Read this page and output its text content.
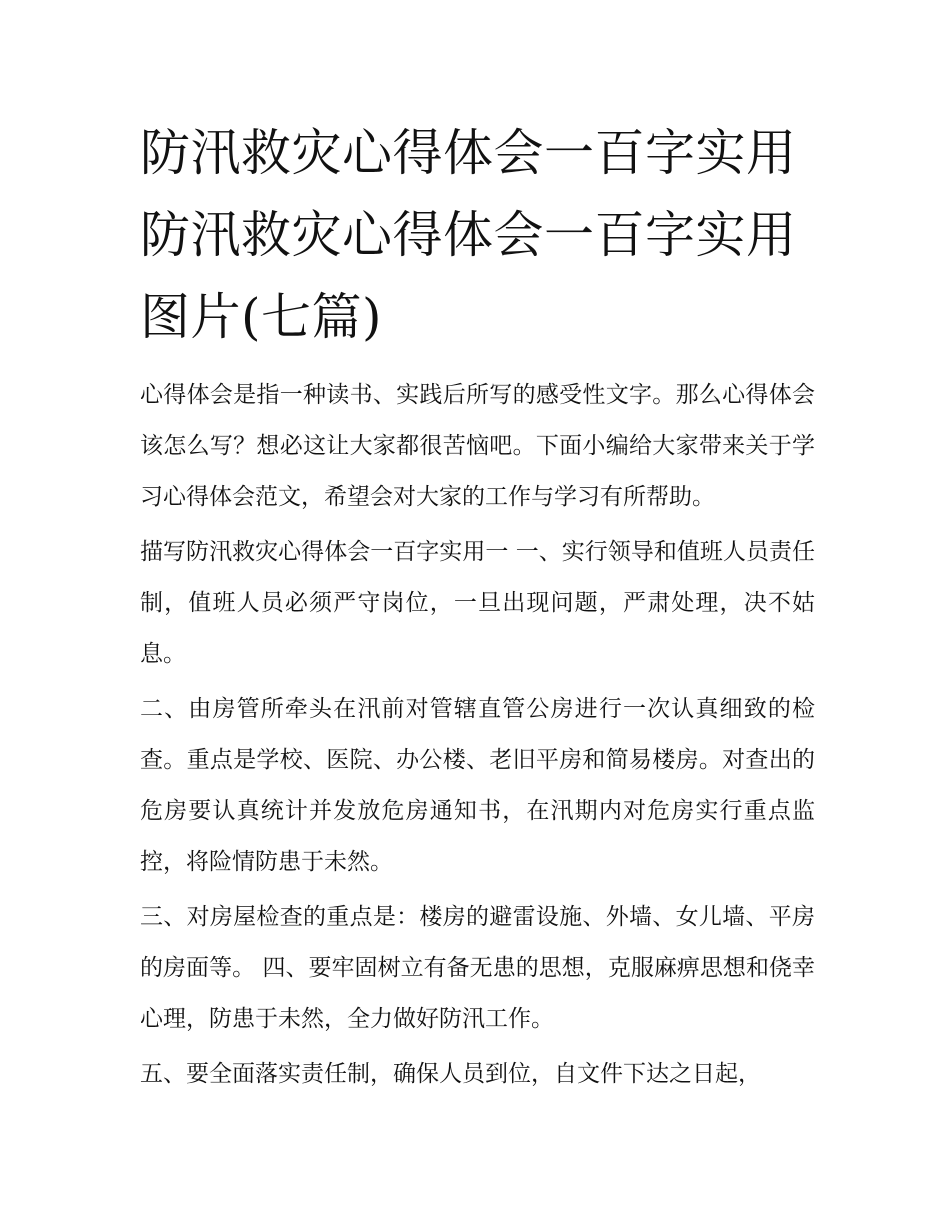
防汛救灾心得体会一百字实用防汛救灾心得体会一百字实用图片(七篇)

心得体会是指一种读书、实践后所写的感受性文字。那么心得体会该怎么写？想必这让大家都很苦恼吧。下面小编给大家带来关于学习心得体会范文，希望会对大家的工作与学习有所帮助。

描写防汛救灾心得体会一百字实用一 一、实行领导和值班人员责任制，值班人员必须严守岗位，一旦出现问题，严肃处理，决不姑息。

二、由房管所牵头在汛前对管辖直管公房进行一次认真细致的检查。重点是学校、医院、办公楼、老旧平房和简易楼房。对查出的危房要认真统计并发放危房通知书，在汛期内对危房实行重点监控，将险情防患于未然。

三、对房屋检查的重点是：楼房的避雷设施、外墙、女儿墙、平房的房面等。 四、要牢固树立有备无患的思想，克服麻痹思想和侥幸心理，防患于未然，全力做好防汛工作。

五、要全面落实责任制，确保人员到位，自文件下达之日起，
